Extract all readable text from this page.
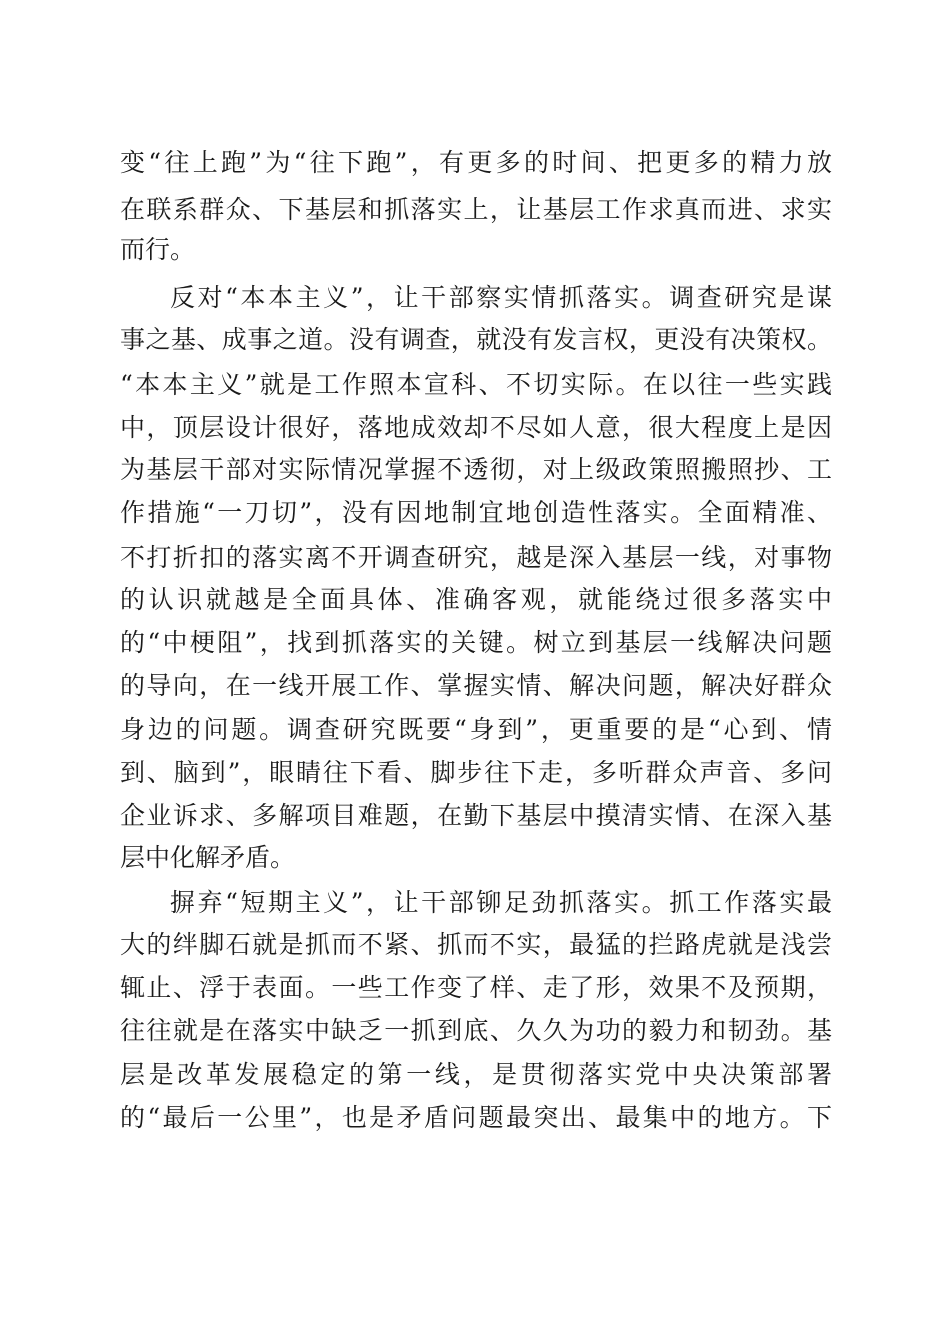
变“往上跑”为“往下跑”，有更多的时间、把更多的精力放
在联系群众、下基层和抓落实上，让基层工作求真而进、求实
而行。
反对“本本主义”，让干部察实情抓落实。调查研究是谋
事之基、成事之道。没有调查，就没有发言权，更没有决策权。
“本本主义”就是工作照本宣科、不切实际。在以往一些实践
中，顶层设计很好，落地成效却不尽如人意，很大程度上是因
为基层干部对实际情况掌握不透彻，对上级政策照搬照抄、工
作措施“一刀切”，没有因地制宜地创造性落实。全面精准、
不打折扣的落实离不开调查研究，越是深入基层一线，对事物
的认识就越是全面具体、准确客观，就能绕过很多落实中
的“中梗阻”，找到抓落实的关键。树立到基层一线解决问题
的导向，在一线开展工作、掌握实情、解决问题，解决好群众
身边的问题。调查研究既要“身到”，更重要的是“心到、情
到、脑到”，眼睛往下看、脚步往下走，多听群众声音、多问
企业诉求、多解项目难题，在勤下基层中摸清实情、在深入基
层中化解矛盾。
摒弃“短期主义”，让干部铆足劲抓落实。抓工作落实最
大的绊脚石就是抓而不紧、抓而不实，最猛的拦路虎就是浅尝
辄止、浮于表面。一些工作变了样、走了形，效果不及预期，
往往就是在落实中缺乏一抓到底、久久为功的毅力和韧劲。基
层是改革发展稳定的第一线，是贯彻落实党中央决策部署
的“最后一公里”，也是矛盾问题最突出、最集中的地方。下
